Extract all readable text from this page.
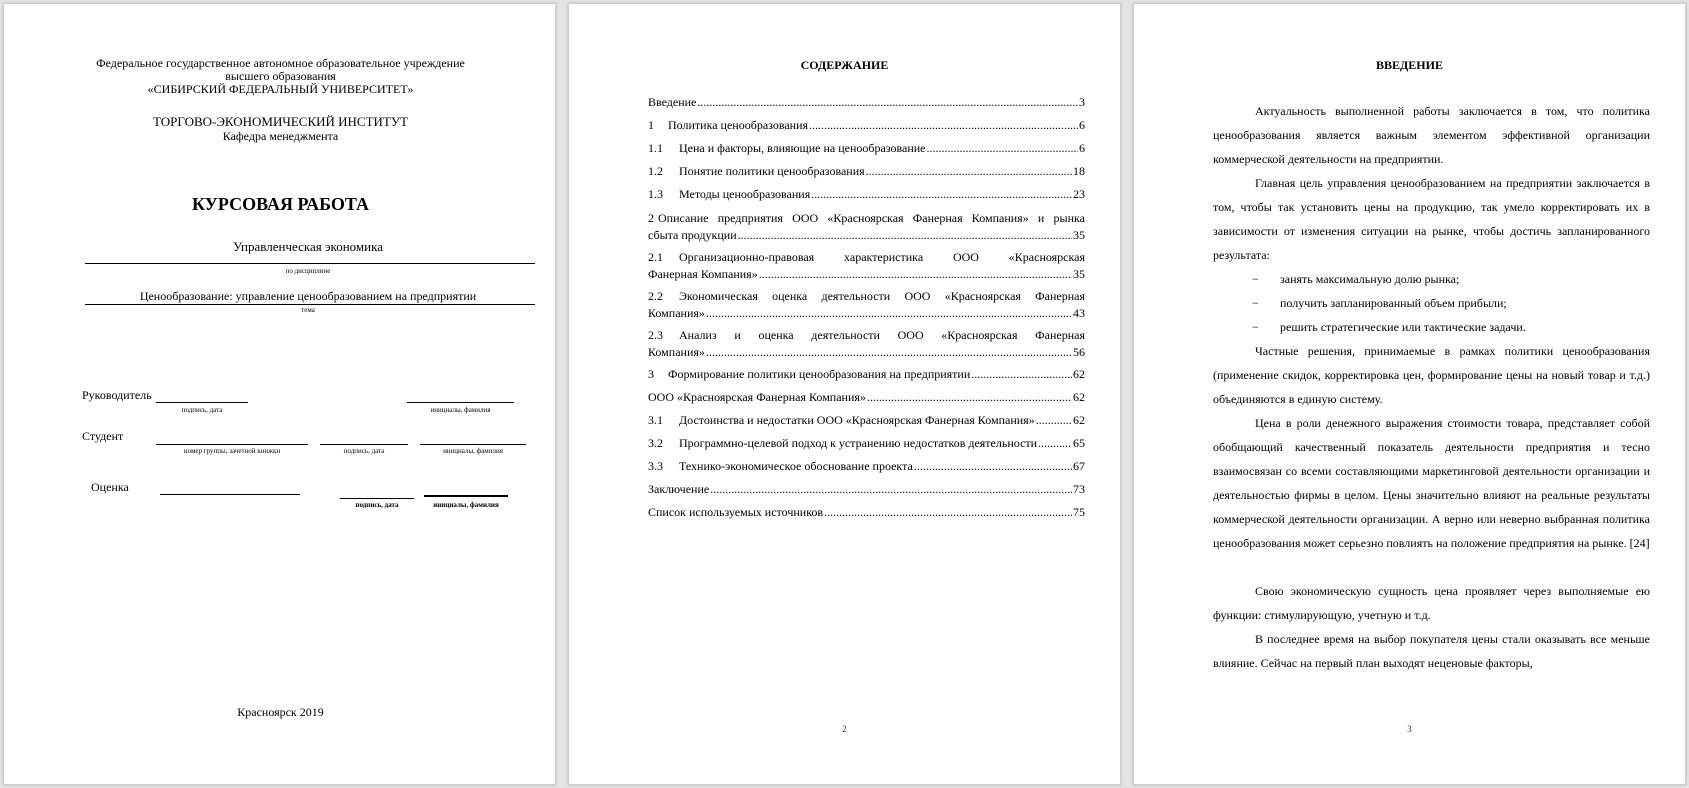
Федеральное государственное автономное образовательное учреждение
высшего образования
«СИБИРСКИЙ ФЕДЕРАЛЬНЫЙ УНИВЕРСИТЕТ»
ТОРГОВО-ЭКОНОМИЧЕСКИЙ ИНСТИТУТ
Кафедра менеджмента
КУРСОВАЯ РАБОТА
Управленческая экономика
по дисциплине
Ценообразование: управление ценообразованием на предприятии
тема
Руководитель
подпись, дата	инициалы, фамилия
Студент
номер группы, зачетной книжки	подпись, дата	инициалы, фамилия
Оценка
подпись, дата	инициалы, фамилия
Красноярск 2019
СОДЕРЖАНИЕ
Введение .....	3
1	Политика ценообразования .....	6
1.1	Цена и факторы, влияющие на ценообразование .....	6
1.2	Понятие политики ценообразования .....	18
1.3	Методы ценообразования .....	23
2 Описание предприятия ООО «Красноярская Фанерная Компания» и рынка
сбыта продукции .....	35
2.1	Организационно-правовая характеристика ООО «Красноярская
Фанерная Компания» .....	35
2.2	Экономическая оценка деятельности ООО «Красноярская Фанерная
Компания» .....	43
2.3	Анализ и оценка деятельности ООО «Красноярская Фанерная
Компания» .....	56
3	Формирование политики ценообразования на предприятии .....	62
ООО «Красноярская Фанерная Компания» .....	62
3.1	Достоинства и недостатки ООО «Красноярская Фанерная Компания» .....	62
3.2	Программно-целевой подход к устранению недостатков деятельности .....	65
3.3	Технико-экономическое обоснование проекта .....	67
Заключение .....	73
Список используемых источников .....	75
2
ВВЕДЕНИЕ
Актуальность выполненной работы заключается в том, что политика ценообразования является важным элементом эффективной организации коммерческой деятельности на предприятии.
Главная цель управления ценообразованием на предприятии заключается в том, чтобы так установить цены на продукцию, так умело корректировать их в зависимости от изменения ситуации на рынке, чтобы достичь запланированного результата:
− занять максимальную долю рынка;
− получить запланированный объем прибыли;
− решить стратегические или тактические задачи.
Частные решения, принимаемые в рамках политики ценообразования (применение скидок, корректировка цен, формирование цены на новый товар и т.д.) объединяются в единую систему.
Цена в роли денежного выражения стоимости товара, представляет собой обобщающий качественный показатель деятельности предприятия и тесно взаимосвязан со всеми составляющими маркетинговой деятельности организации и деятельностью фирмы в целом. Цены значительно влияют на реальные результаты коммерческой деятельности организации. А верно или неверно выбранная политика ценообразования может серьезно повлиять на положение предприятия на рынке. [24]
Свою экономическую сущность цена проявляет через выполняемые ею функции: стимулирующую, учетную и т.д.
В последнее время на выбор покупателя цены стали оказывать все меньше влияние. Сейчас на первый план выходят неценовые факторы,
3
